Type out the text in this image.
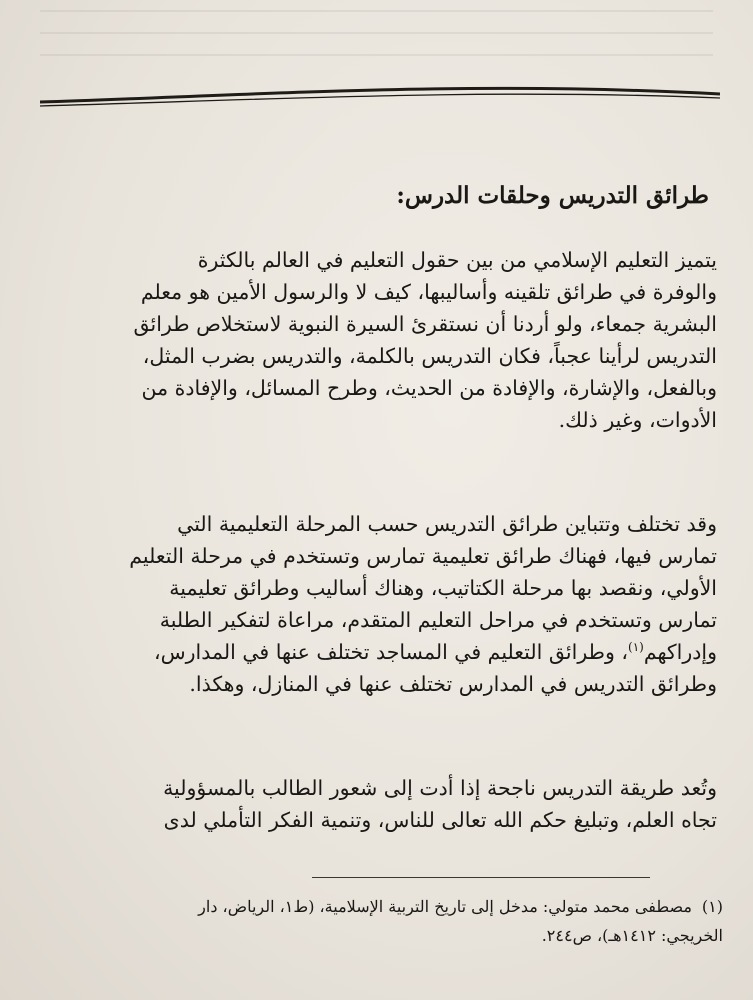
طرائق التدريس وحلقات الدرس:
يتميز التعليم الإسلامي من بين حقول التعليم في العالم بالكثرة
والوفرة في طرائق تلقينه وأساليبها، كيف لا والرسول الأمين هو معلم
البشرية جمعاء، ولو أردنا أن نستقرئ السيرة النبوية لاستخلاص طرائق
التدريس لرأينا عجباً، فكان التدريس بالكلمة، والتدريس بضرب المثل،
وبالفعل، والإشارة، والإفادة من الحديث، وطرح المسائل، والإفادة من
الأدوات، وغير ذلك.
وقد تختلف وتتباين طرائق التدريس حسب المرحلة التعليمية التي
تمارس فيها، فهناك طرائق تعليمية تمارس وتستخدم في مرحلة التعليم
الأولي، ونقصد بها مرحلة الكتاتيب، وهناك أساليب وطرائق تعليمية
تمارس وتستخدم في مراحل التعليم المتقدم، مراعاة لتفكير الطلبة
وإدراكهم$^{(١)}$، وطرائق التعليم في المساجد تختلف عنها في المدارس،
وطرائق التدريس في المدارس تختلف عنها في المنازل، وهكذا.
وتُعد طريقة التدريس ناجحة إذا أدت إلى شعور الطالب بالمسؤولية
تجاه العلم، وتبليغ حكم الله تعالى للناس، وتنمية الفكر التأملي لدى
(١)مصطفى محمد متولي: مدخل إلى تاريخ التربية الإسلامية، (ط١، الرياض، دار
الخريجي: ١٤١٢هـ)، ص٢٤٤.
